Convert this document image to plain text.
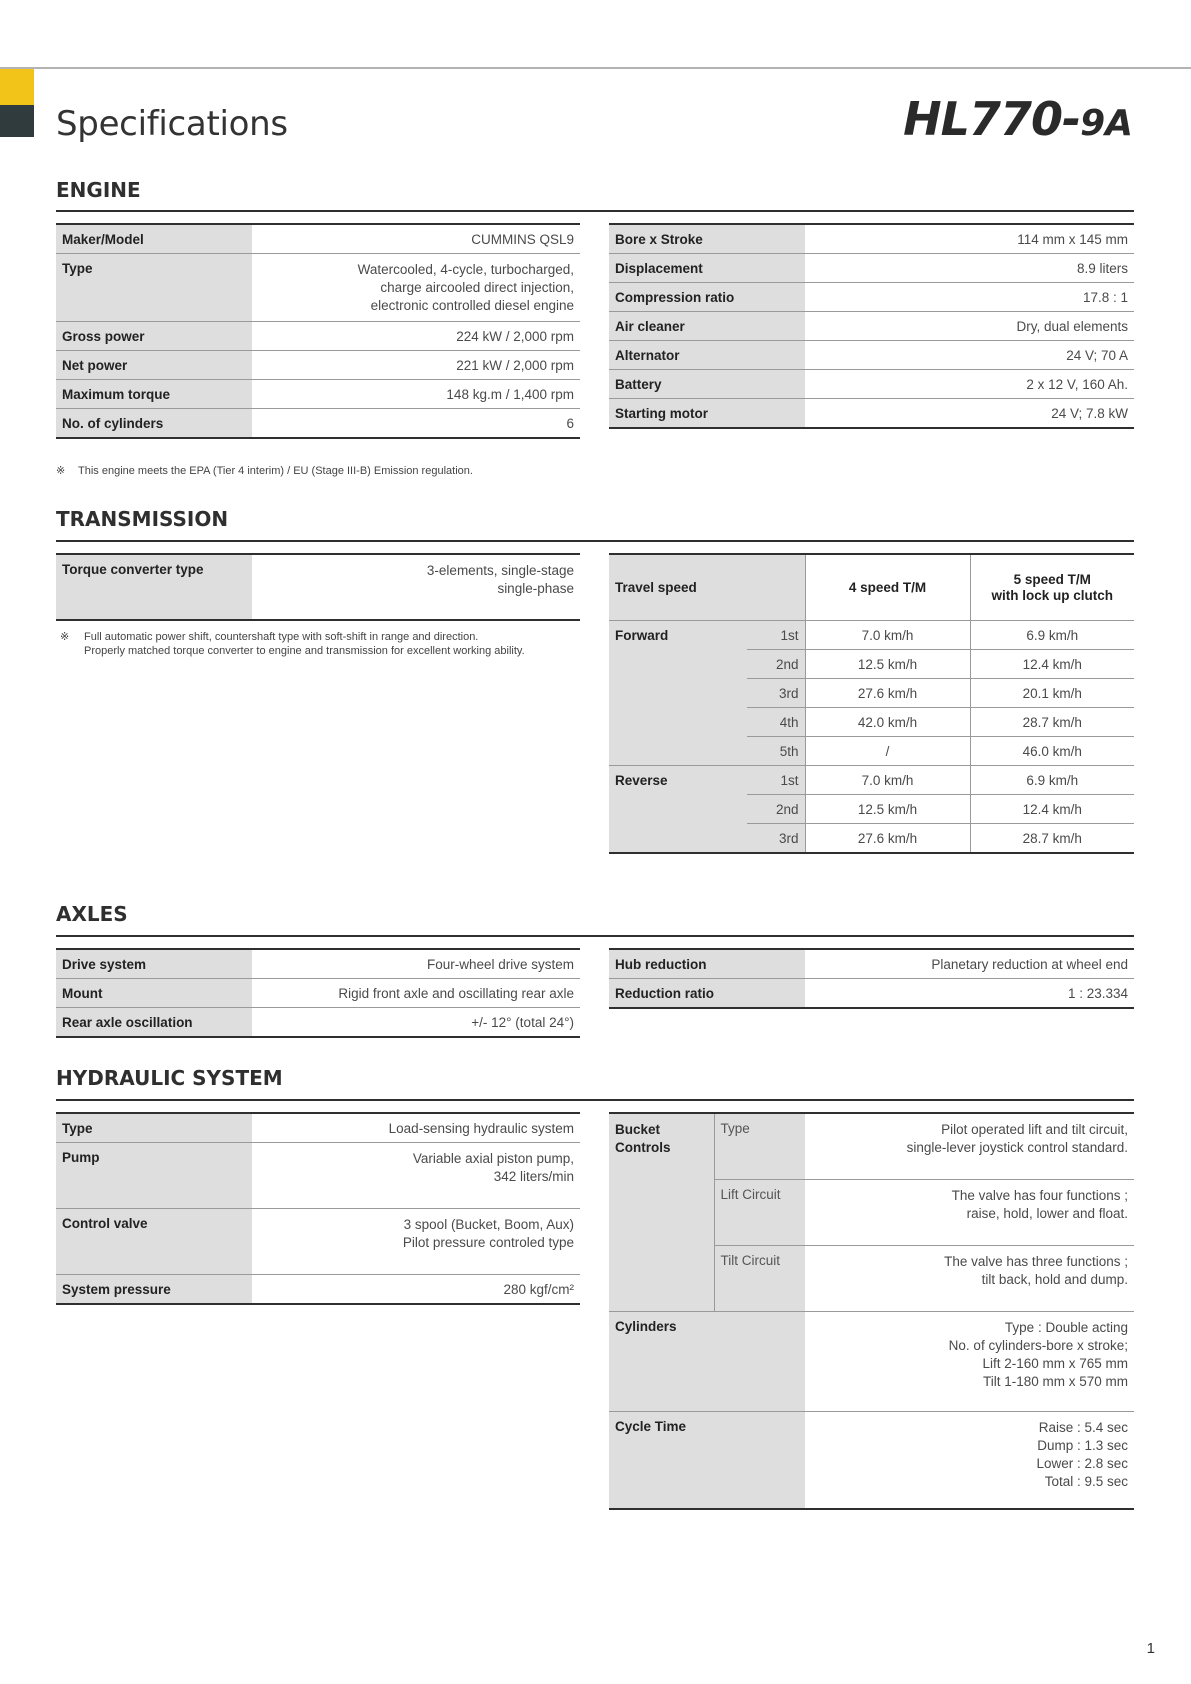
Specifications	HL770-9A
ENGINE
Maker/Model	CUMMINS QSL9
Type	Watercooled, 4-cycle, turbocharged,
charge aircooled direct injection,
electronic controlled diesel engine
Gross power	224 kW / 2,000 rpm
Net power	221 kW / 2,000 rpm
Maximum torque	148 kg.m / 1,400 rpm
No. of cylinders	6
Bore x Stroke	114 mm x 145 mm
Displacement	8.9 liters
Compression ratio	17.8 : 1
Air cleaner	Dry, dual elements
Alternator	24 V; 70 A
Battery	2 x 12 V, 160 Ah.
Starting motor	24 V; 7.8 kW
※ This engine meets the EPA (Tier 4 interim) / EU (Stage III-B) Emission regulation.
TRANSMISSION
Torque converter type	3-elements, single-stage
single-phase
※	Full automatic power shift, countershaft type with soft-shift in range and direction.
Properly matched torque converter to engine and transmission for excellent working ability.
Travel speed		4 speed T/M	5 speed T/M
with lock up clutch
Forward	1st	7.0 km/h	6.9 km/h
	2nd	12.5 km/h	12.4 km/h
	3rd	27.6 km/h	20.1 km/h
	4th	42.0 km/h	28.7 km/h
	5th	/	46.0 km/h
Reverse	1st	7.0 km/h	6.9 km/h
	2nd	12.5 km/h	12.4 km/h
	3rd	27.6 km/h	28.7 km/h
AXLES
Drive system	Four-wheel drive system
Mount	Rigid front axle and oscillating rear axle
Rear axle oscillation	+/- 12° (total 24°)
Hub reduction	Planetary reduction at wheel end
Reduction ratio	1 : 23.334
HYDRAULIC SYSTEM
Type	Load-sensing hydraulic system
Pump	Variable axial piston pump,
342 liters/min
Control valve	3 spool (Bucket, Boom, Aux)
Pilot pressure controled type
System pressure	280 kgf/cm²
Bucket
Controls	Type	Pilot operated lift and tilt circuit,
single-lever joystick control standard.
	Lift Circuit	The valve has four functions ;
raise, hold, lower and float.
	Tilt Circuit	The valve has three functions ;
tilt back, hold and dump.
Cylinders		Type : Double acting
No. of cylinders-bore x stroke;
Lift 2-160 mm x 765 mm
Tilt 1-180 mm x 570 mm
Cycle Time		Raise : 5.4 sec
Dump : 1.3 sec
Lower : 2.8 sec
Total : 9.5 sec
1
